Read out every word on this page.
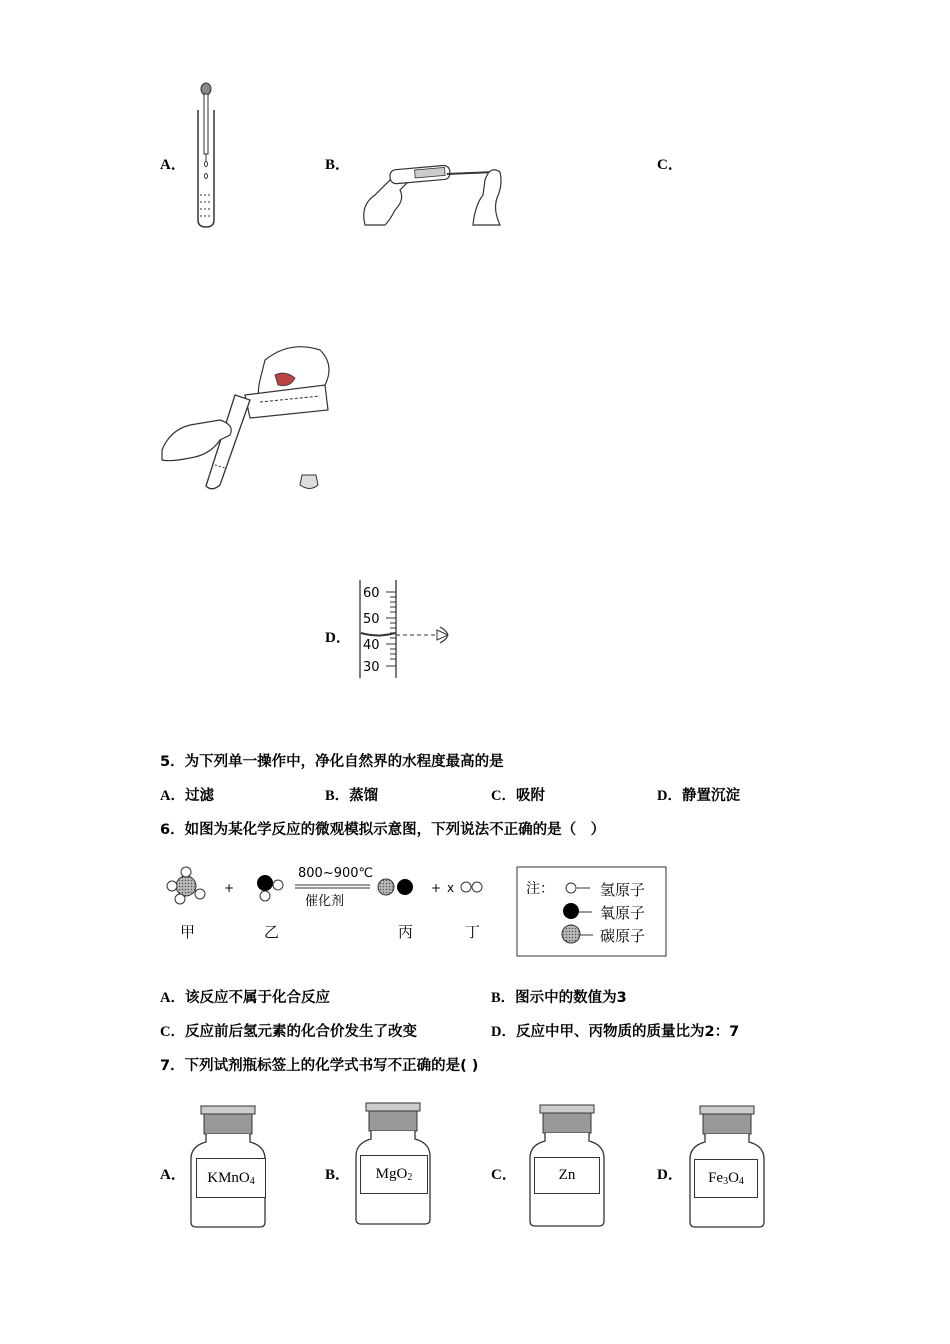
A．	B．	C．
D．
60
50
40
30
5．为下列单一操作中，净化自然界的水程度最高的是
A．过滤	B．蒸馏	C．吸附	D．静置沉淀
6．如图为某化学反应的微观模拟示意图，下列说法不正确的是（　）
+
800~900℃
催化剂
+ x
甲	乙	丙	丁
注：	氢原子
氧原子
碳原子
A．该反应不属于化合反应	B．图示中的数值为3
C．反应前后氢元素的化合价发生了改变	D．反应中甲、丙物质的质量比为2：7
7．下列试剂瓶标签上的化学式书写不正确的是( )
A．	KMnO$_4$	B．	MgO$_2$	C．	Zn	D．	$Fe_3O_4$
